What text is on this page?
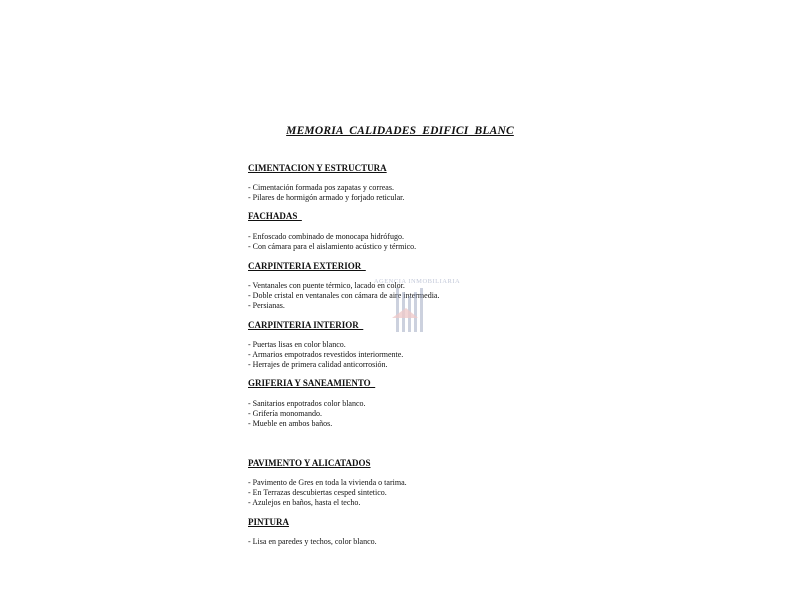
MEMORIA CALIDADES EDIFICI BLANC
CIMENTACION Y ESTRUCTURA
- Cimentación formada pos zapatas y correas.
- Pilares de hormigón armado y forjado reticular.
FACHADAS
- Enfoscado combinado de monocapa hidrófugo.
- Con cámara para el aislamiento acústico y térmico.
CARPINTERIA EXTERIOR
- Ventanales con puente térmico, lacado en color.
- Doble cristal en ventanales con cámara de aire intermedia.
- Persianas.
CARPINTERIA INTERIOR
- Puertas lisas en color blanco.
- Armarios empotrados revestidos interiormente.
- Herrajes de primera calidad anticorrosión.
GRIFERIA Y SANEAMIENTO
- Sanitarios enpotrados color blanco.
- Grifería monomando.
- Mueble en ambos baños.
PAVIMENTO Y ALICATADOS
- Pavimento de Gres en toda la vivienda o tarima.
- En Terrazas descubiertas cesped sintetico.
- Azulejos en baños, hasta el techo.
PINTURA
- Lisa en paredes y techos, color blanco.
AGENCIA INMOBILIARIA
